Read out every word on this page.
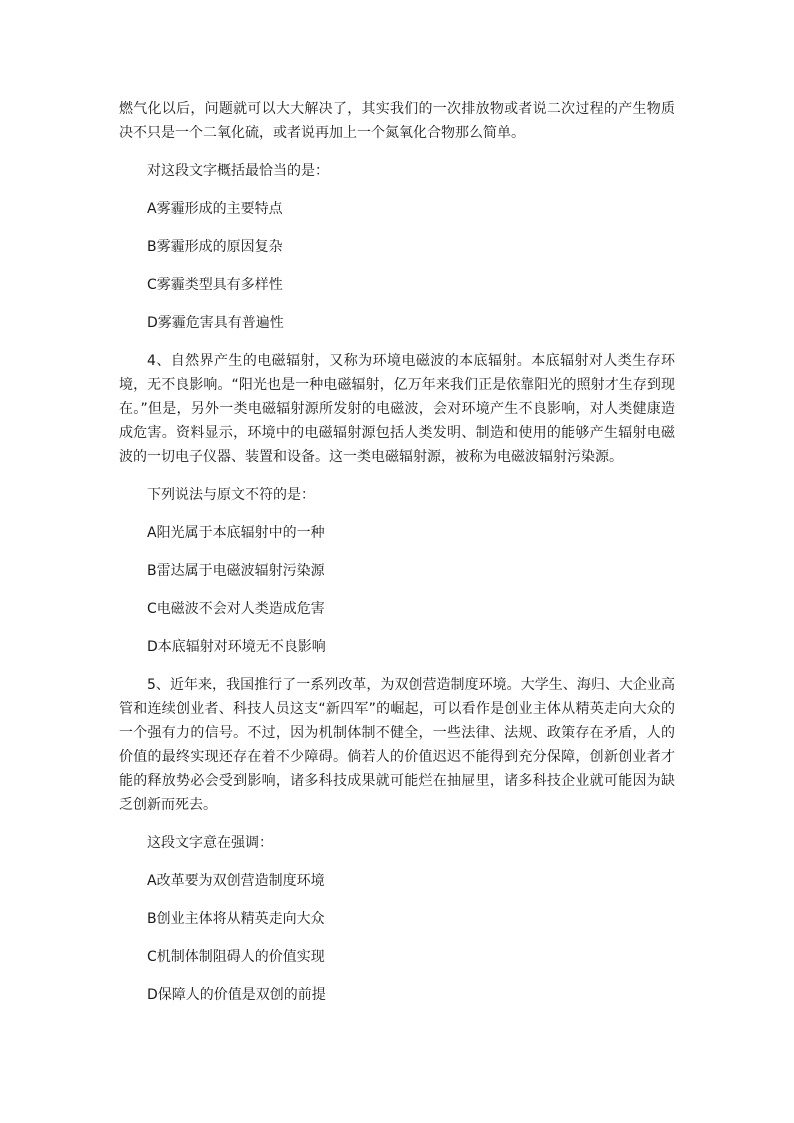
燃气化以后，问题就可以大大解决了，其实我们的一次排放物或者说二次过程的产生物质决不只是一个二氧化硫，或者说再加上一个氮氧化合物那么简单。

对这段文字概括最恰当的是：

A雾霾形成的主要特点

B雾霾形成的原因复杂

C雾霾类型具有多样性

D雾霾危害具有普遍性

4、自然界产生的电磁辐射，又称为环境电磁波的本底辐射。本底辐射对人类生存环境，无不良影响。“阳光也是一种电磁辐射，亿万年来我们正是依靠阳光的照射才生存到现在。”但是，另外一类电磁辐射源所发射的电磁波，会对环境产生不良影响，对人类健康造成危害。资料显示，环境中的电磁辐射源包括人类发明、制造和使用的能够产生辐射电磁波的一切电子仪器、装置和设备。这一类电磁辐射源，被称为电磁波辐射污染源。

下列说法与原文不符的是：

A阳光属于本底辐射中的一种

B雷达属于电磁波辐射污染源

C电磁波不会对人类造成危害

D本底辐射对环境无不良影响

5、近年来，我国推行了一系列改革，为双创营造制度环境。大学生、海归、大企业高管和连续创业者、科技人员这支“新四军”的崛起，可以看作是创业主体从精英走向大众的一个强有力的信号。不过，因为机制体制不健全，一些法律、法规、政策存在矛盾，人的价值的最终实现还存在着不少障碍。倘若人的价值迟迟不能得到充分保障，创新创业者才能的释放势必会受到影响，诸多科技成果就可能烂在抽屉里，诸多科技企业就可能因为缺乏创新而死去。

这段文字意在强调：

A改革要为双创营造制度环境

B创业主体将从精英走向大众

C机制体制阻碍人的价值实现

D保障人的价值是双创的前提
